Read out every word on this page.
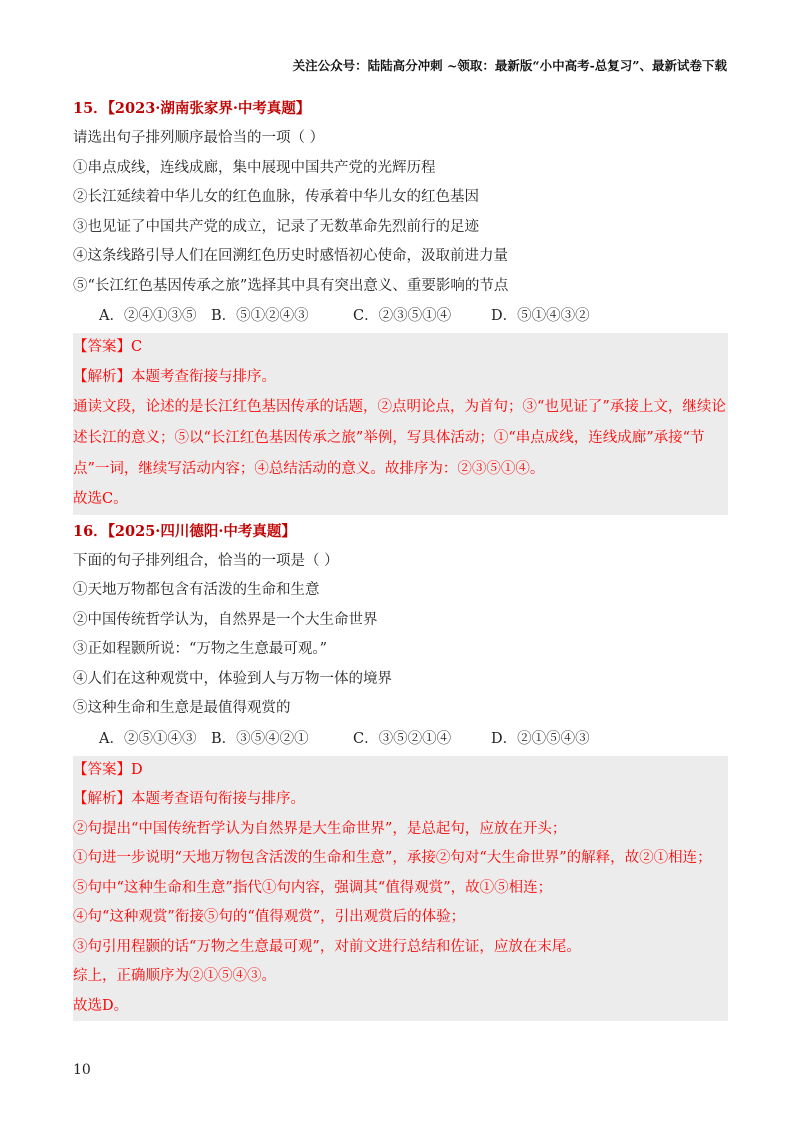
关注公众号：陆陆高分冲刺 ~领取：最新版“小中高考-总复习”、最新试卷下载
15．【2023·湖南张家界·中考真题】
请选出句子排列顺序最恰当的一项（ ）
①串点成线，连线成廊，集中展现中国共产党的光辉历程
②长江延续着中华儿女的红色血脉，传承着中华儿女的红色基因
③也见证了中国共产党的成立，记录了无数革命先烈前行的足迹
④这条线路引导人们在回溯红色历史时感悟初心使命，汲取前进力量
⑤“长江红色基因传承之旅”选择其中具有突出意义、重要影响的节点
A．②④①③⑤ B．⑤①②④③	C．②③⑤①④	D．⑤①④③②
【答案】C
【解析】本题考查衔接与排序。
通读文段，论述的是长江红色基因传承的话题，②点明论点，为首句；③“也见证了”承接上文，继续论述长江的意义；⑤以“长江红色基因传承之旅”举例，写具体活动；①“串点成线，连线成廊”承接“节点”一词，继续写活动内容；④总结活动的意义。故排序为：②③⑤①④。
故选C。
16．【2025·四川德阳·中考真题】
下面的句子排列组合，恰当的一项是（ ）
①天地万物都包含有活泼的生命和生意
②中国传统哲学认为，自然界是一个大生命世界
③正如程颢所说：“万物之生意最可观。”
④人们在这种观赏中，体验到人与万物一体的境界
⑤这种生命和生意是最值得观赏的
A．②⑤①④③ B．③⑤④②①	C．③⑤②①④	D．②①⑤④③
【答案】D
【解析】本题考查语句衔接与排序。
②句提出“中国传统哲学认为自然界是大生命世界”，是总起句，应放在开头；
①句进一步说明“天地万物包含活泼的生命和生意”，承接②句对“大生命世界”的解释，故②①相连；
⑤句中“这种生命和生意”指代①句内容，强调其“值得观赏”，故①⑤相连；
④句“这种观赏”衔接⑤句的“值得观赏”，引出观赏后的体验；
③句引用程颢的话“万物之生意最可观”，对前文进行总结和佐证，应放在末尾。
综上，正确顺序为②①⑤④③。
故选D。
10
